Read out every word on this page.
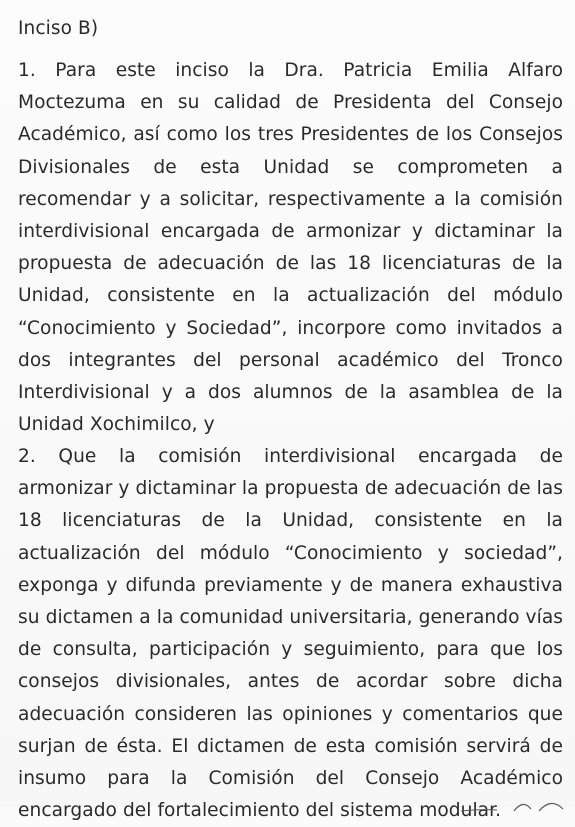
Inciso B)

1. Para este inciso la Dra. Patricia Emilia Alfaro Moctezuma en su calidad de Presidenta del Consejo Académico, así como los tres Presidentes de los Consejos Divisionales de esta Unidad se comprometen a recomendar y a solicitar, respectivamente a la comisión interdivisional encargada de armonizar y dictaminar la propuesta de adecuación de las 18 licenciaturas de la Unidad, consistente en la actualización del módulo “Conocimiento y Sociedad”, incorpore como invitados a dos integrantes del personal académico del Tronco Interdivisional y a dos alumnos de la asamblea de la Unidad Xochimilco, y

2. Que la comisión interdivisional encargada de armonizar y dictaminar la propuesta de adecuación de las 18 licenciaturas de la Unidad, consistente en la actualización del módulo “Conocimiento y sociedad”, exponga y difunda previamente y de manera exhaustiva su dictamen a la comunidad universitaria, generando vías de consulta, participación y seguimiento, para que los consejos divisionales, antes de acordar sobre dicha adecuación consideren las opiniones y comentarios que surjan de ésta. El dictamen de esta comisión servirá de insumo para la Comisión del Consejo Académico encargado del fortalecimiento del sistema modular.
